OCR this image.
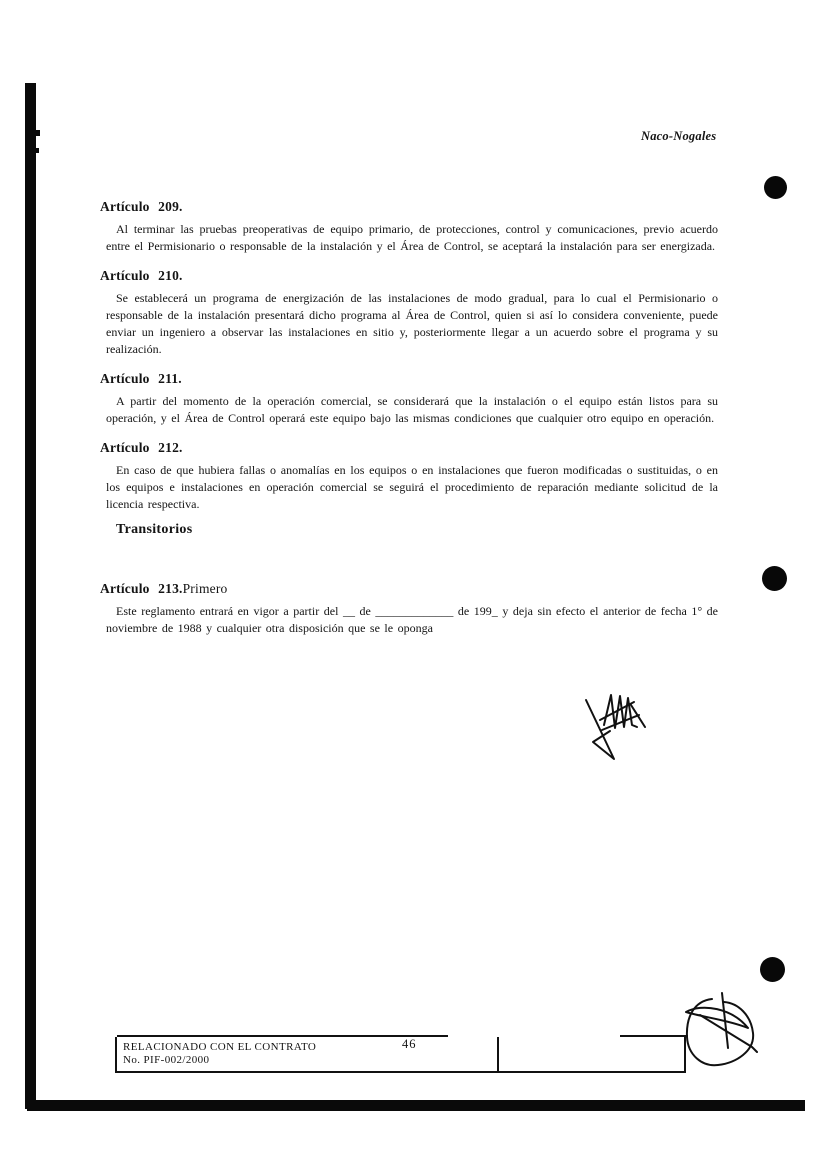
Naco-Nogales
Artículo 209.

Al terminar las pruebas preoperativas de equipo primario, de protecciones, control y comunicaciones, previo acuerdo entre el Permisionario o responsable de la instalación y el Área de Control, se aceptará la instalación para ser energizada.

Artículo 210.

Se establecerá un programa de energización de las instalaciones de modo gradual, para lo cual el Permisionario o responsable de la instalación presentará dicho programa al Área de Control, quien si así lo considera conveniente, puede enviar un ingeniero a observar las instalaciones en sitio y, posteriormente llegar a un acuerdo sobre el programa y su realización.

Artículo 211.

A partir del momento de la operación comercial, se considerará que la instalación o el equipo están listos para su operación, y el Área de Control operará este equipo bajo las mismas condiciones que cualquier otro equipo en operación.

Artículo 212.

En caso de que hubiera fallas o anomalías en los equipos o en instalaciones que fueron modificadas o sustituidas, o en los equipos e instalaciones en operación comercial se seguirá el procedimiento de reparación mediante solicitud de la licencia respectiva.

Transitorios
Artículo 213.Primero

Este reglamento entrará en vigor a partir del __ de _____________ de 199_ y deja sin efecto el anterior de fecha 1° de noviembre de 1988 y cualquier otra disposición que se le oponga

RELACIONADO CON EL CONTRATO
No. PIF-002/2000
46
